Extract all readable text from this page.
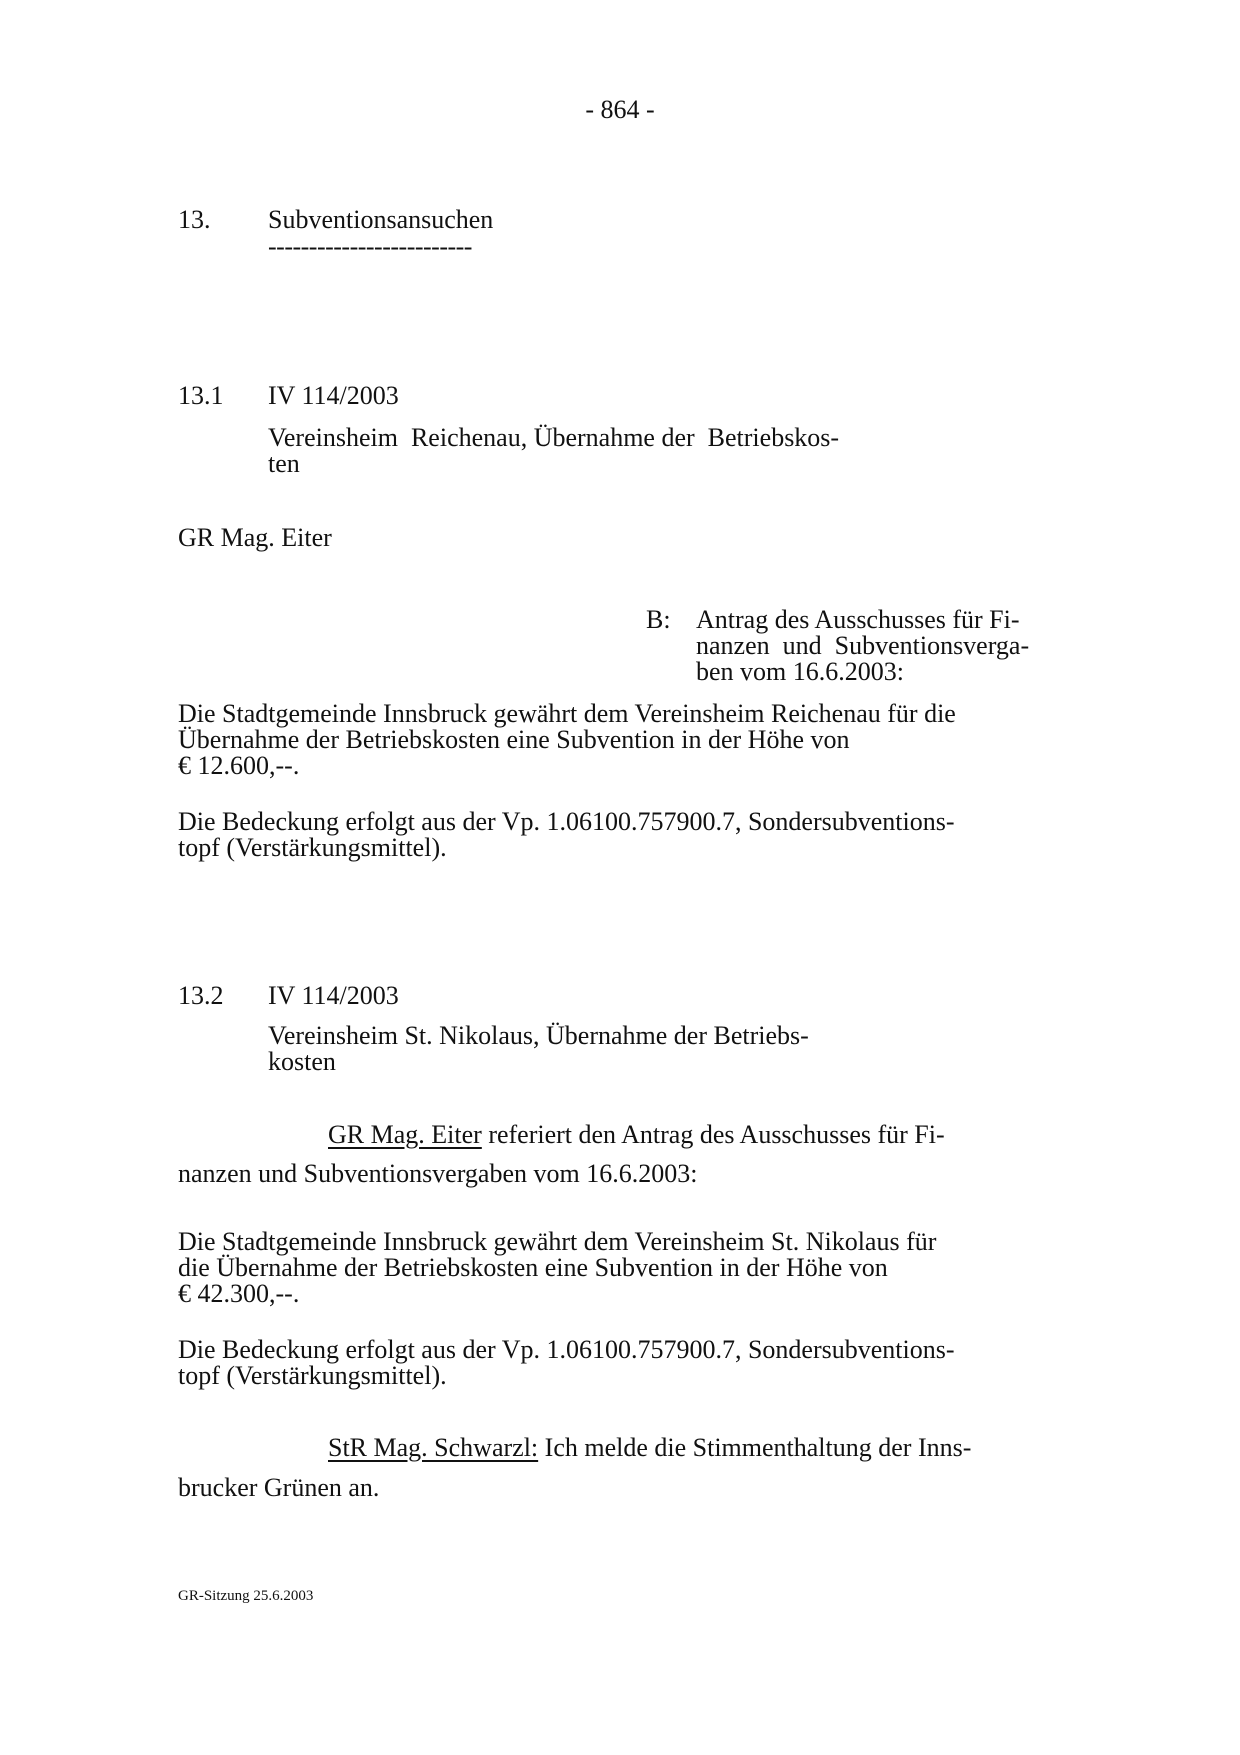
- 864 -
13.	Subventionsansuchen
-------------------------
13.1	IV 114/2003
Vereinsheim  Reichenau, Übernahme der  Betriebskos-
ten
GR Mag. Eiter
B: Antrag des Ausschusses für Fi-
nanzen  und  Subventionsverga-
ben vom 16.6.2003:
Die Stadtgemeinde Innsbruck gewährt dem Vereinsheim Reichenau für die
Übernahme der Betriebskosten eine Subvention in der Höhe von
€ 12.600,--.
Die Bedeckung erfolgt aus der Vp. 1.06100.757900.7, Sondersubventions-
topf (Verstärkungsmittel).
13.2	IV 114/2003
Vereinsheim St. Nikolaus, Übernahme der Betriebs-
kosten
GR Mag. Eiter referiert den Antrag des Ausschusses für Fi-
nanzen und Subventionsvergaben vom 16.6.2003:
Die Stadtgemeinde Innsbruck gewährt dem Vereinsheim St. Nikolaus für
die Übernahme der Betriebskosten eine Subvention in der Höhe von
€ 42.300,--.
Die Bedeckung erfolgt aus der Vp. 1.06100.757900.7, Sondersubventions-
topf (Verstärkungsmittel).
StR Mag. Schwarzl: Ich melde die Stimmenthaltung der Inns-
brucker Grünen an.
GR-Sitzung 25.6.2003
